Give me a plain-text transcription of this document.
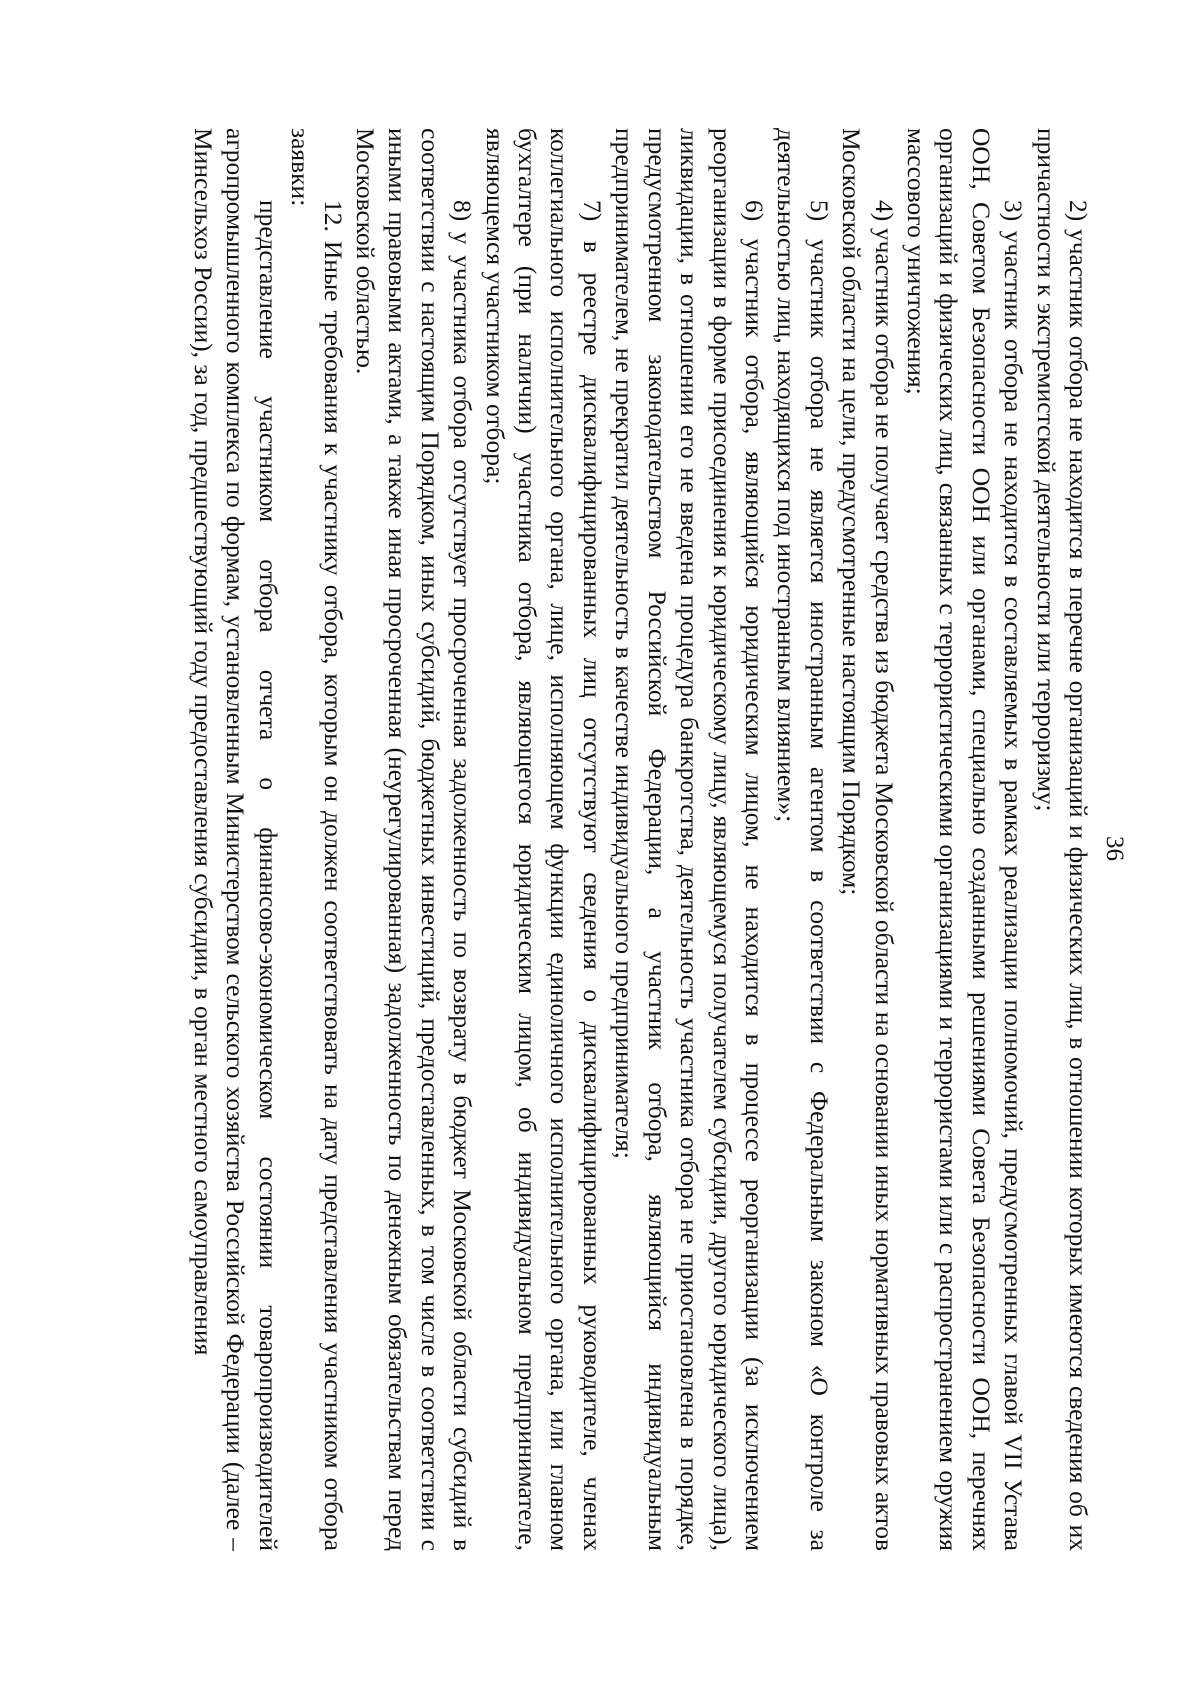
36

2) участник отбора не находится в перечне организаций и физических лиц, в отношении которых имеются сведения об их причастности к экстремистской деятельности или терроризму;

3) участник отбора не находится в составляемых в рамках реализации полномочий, предусмотренных главой VII Устава ООН, Советом Безопасности ООН или органами, специально созданными решениями Совета Безопасности ООН, перечнях организаций и физических лиц, связанных с террористическими организациями и террористами или с распространением оружия массового уничтожения;

4) участник отбора не получает средства из бюджета Московской области на основании иных нормативных правовых актов Московской области на цели, предусмотренные настоящим Порядком;

5) участник отбора не является иностранным агентом в соответствии с Федеральным законом «О контроле за деятельностью лиц, находящихся под иностранным влиянием»;

6) участник отбора, являющийся юридическим лицом, не находится в процессе реорганизации (за исключением реорганизации в форме присоединения к юридическому лицу, являющемуся получателем субсидии, другого юридического лица), ликвидации, в отношении его не введена процедура банкротства, деятельность участника отбора не приостановлена в порядке, предусмотренном законодательством Российской Федерации, а участник отбора, являющийся индивидуальным предпринимателем, не прекратил деятельность в качестве индивидуального предпринимателя;

7) в реестре дисквалифицированных лиц отсутствуют сведения о дисквалифицированных руководителе, членах коллегиального исполнительного органа, лице, исполняющем функции единоличного исполнительного органа, или главном бухгалтере (при наличии) участника отбора, являющегося юридическим лицом, об индивидуальном предпринимателе, являющемся участником отбора;

8) у участника отбора отсутствует просроченная задолженность по возврату в бюджет Московской области субсидий в соответствии с настоящим Порядком, иных субсидий, бюджетных инвестиций, предоставленных, в том числе в соответствии с иными правовыми актами, а также иная просроченная (неурегулированная) задолженность по денежным обязательствам перед Московской областью.

12. Иные требования к участнику отбора, которым он должен соответствовать на дату представления участником отбора заявки:

представление участником отбора отчета о финансово-экономическом состоянии товаропроизводителей агропромышленного комплекса по формам, установленным Министерством сельского хозяйства Российской Федерации (далее – Минсельхоз России), за год, предшествующий году предоставления субсидии, в орган местного самоуправления
